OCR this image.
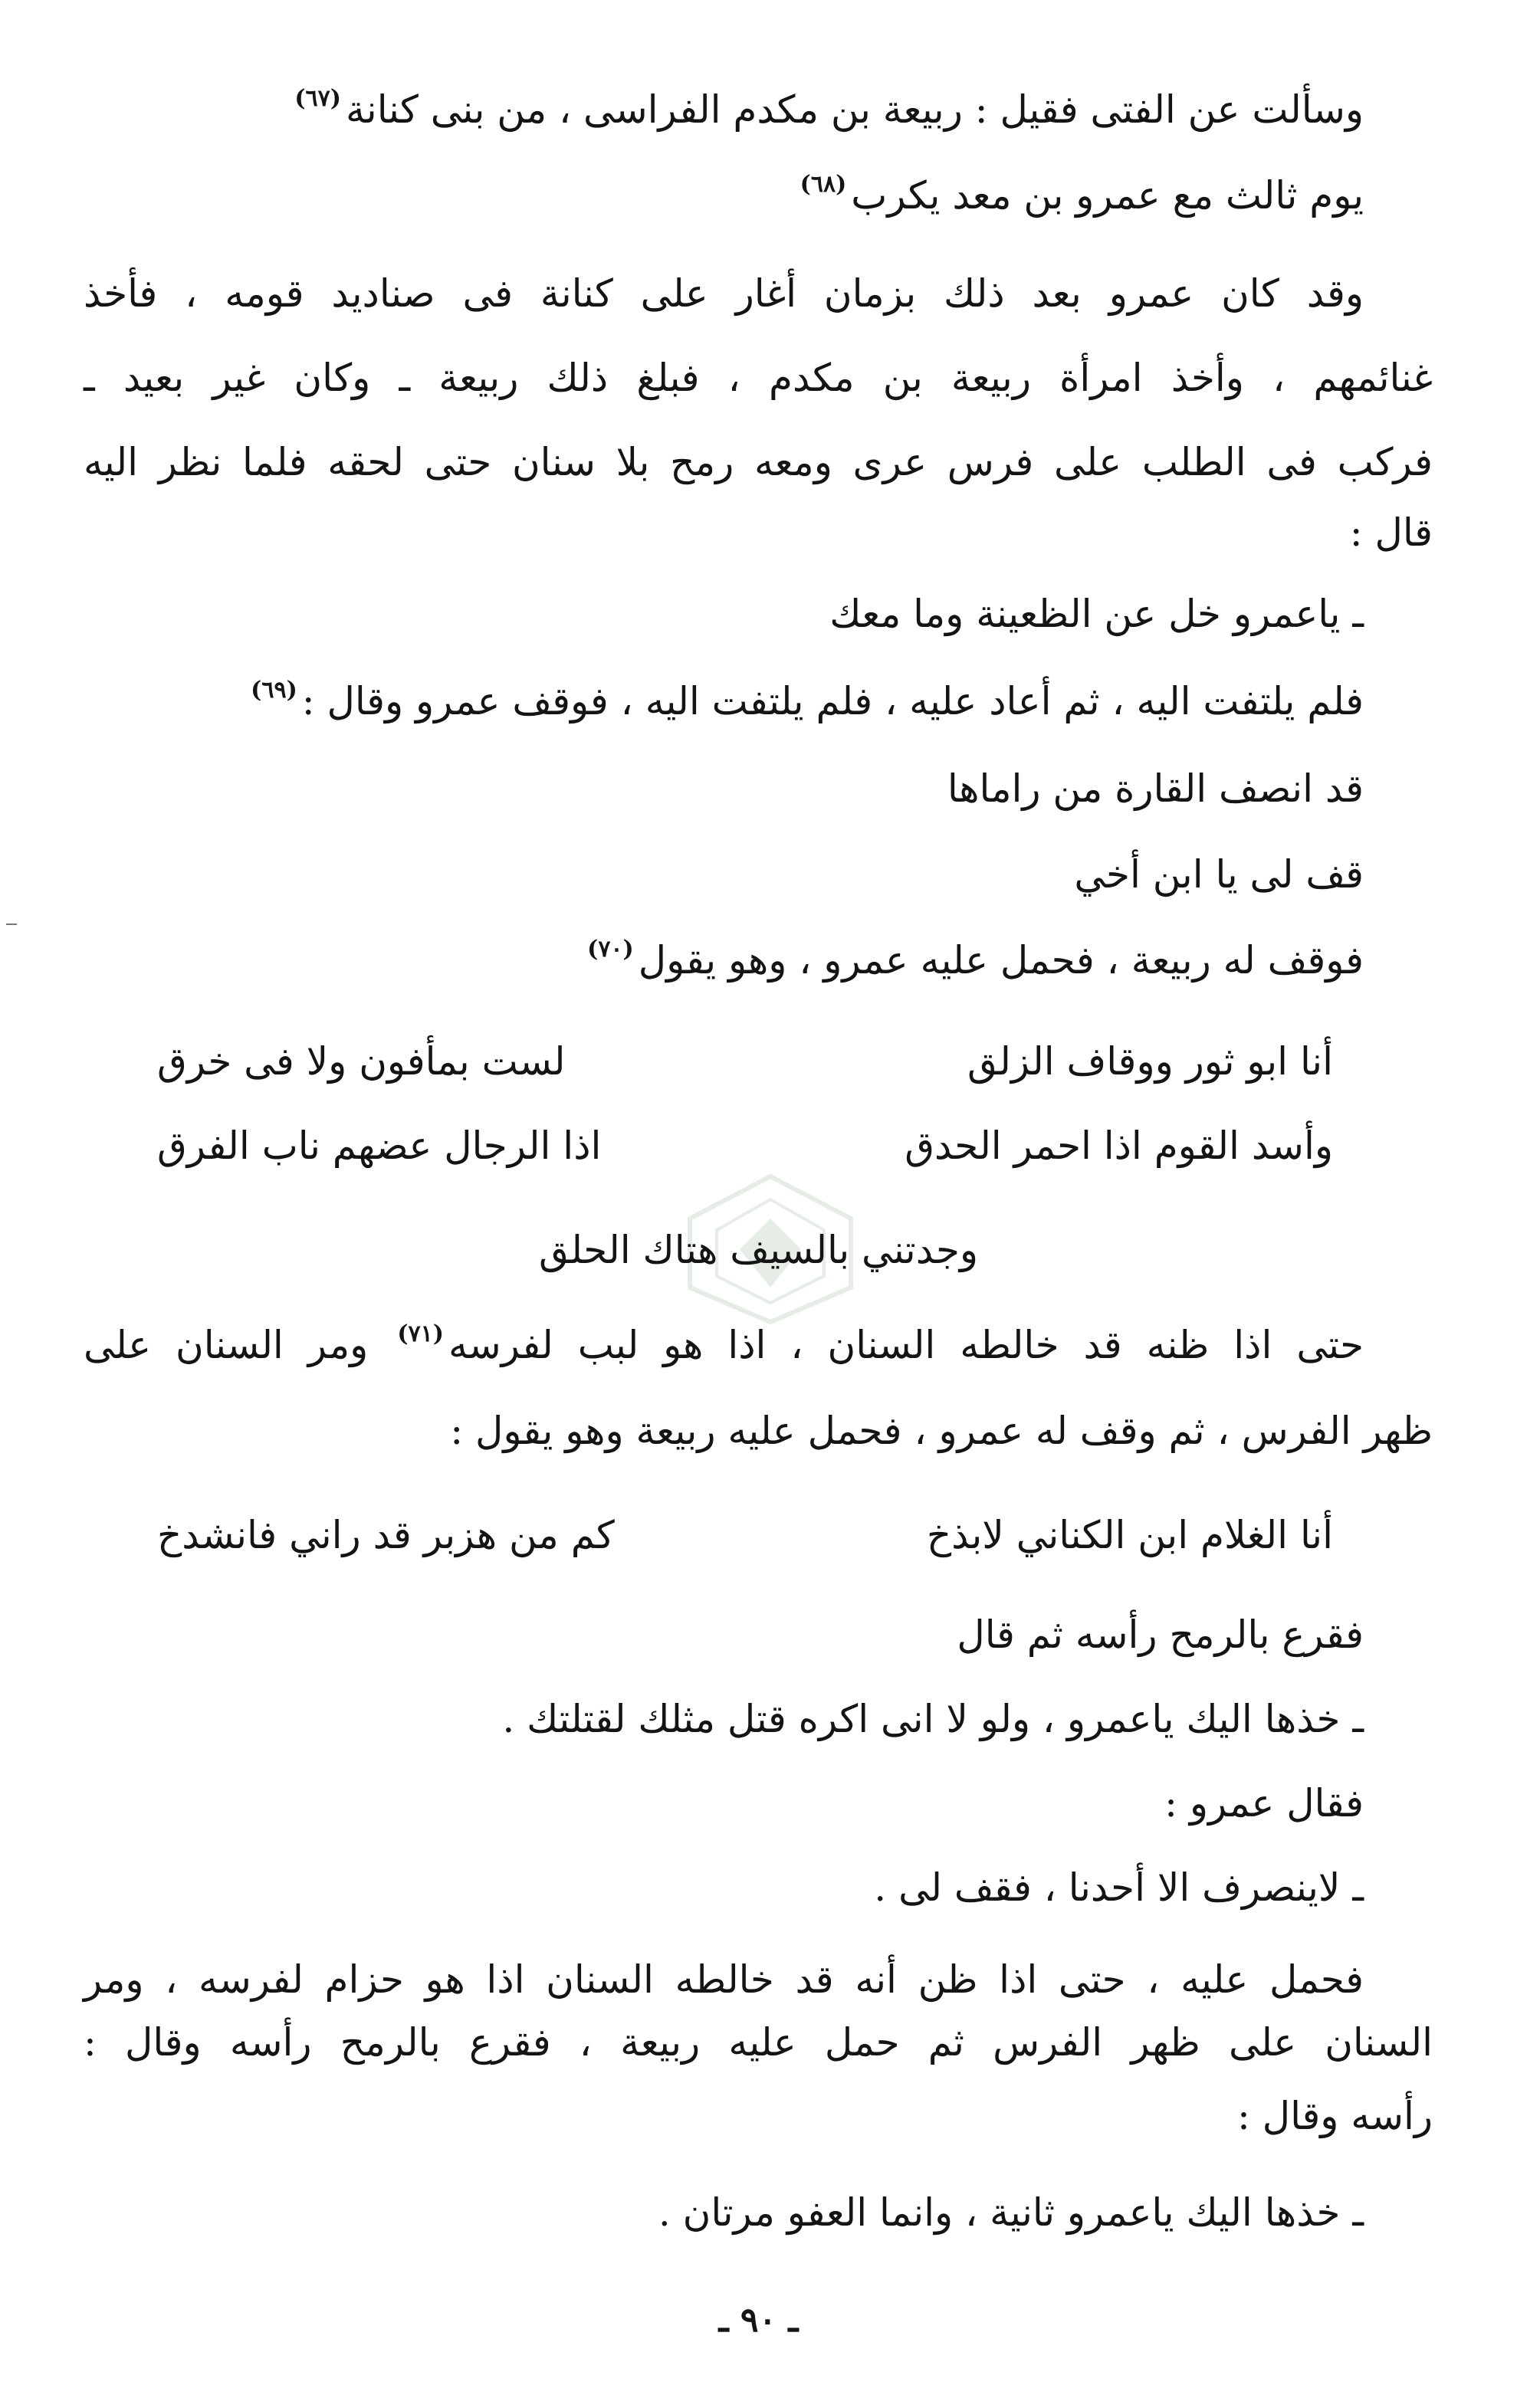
وسألت عن الفتى فقيل : ربيعة بن مكدم الفراسى ، من بنى كنانة$^{(٦٧)}$
يوم ثالث مع عمرو بن معد يكرب$^{(٦٨)}$
وقد كان عمرو بعد ذلك بزمان أغار على كنانة فى صناديد قومه ، فأخذ
غنائمهم ، وأخذ امرأة ربيعة بن مكدم ، فبلغ ذلك ربيعة ـ وكان غير بعيد ـ
فركب فى الطلب على فرس عرى ومعه رمح بلا سنان حتى لحقه فلما نظر اليه
قال :
ـ ياعمرو خل عن الظعينة وما معك
فلم يلتفت اليه ، ثم أعاد عليه ، فلم يلتفت اليه ، فوقف عمرو وقال :$^{(٦٩)}$
قد انصف القارة من راماها
قف لى يا ابن أخي
فوقف له ربيعة ، فحمل عليه عمرو ، وهو يقول$^{(٧٠)}$
أنا ابو ثور ووقاف الزلق
لست بمأفون ولا فى خرق
وأسد القوم اذا احمر الحدق
اذا الرجال عضهم ناب الفرق
وجدتني بالسيف هتاك الحلق
حتى اذا ظنه قد خالطه السنان ، اذا هو لبب لفرسه$^{(٧١)}$ ومر السنان على
ظهر الفرس ، ثم وقف له عمرو ، فحمل عليه ربيعة وهو يقول :
أنا الغلام ابن الكناني لابذخ
كم من هزبر قد راني فانشدخ
فقرع بالرمح رأسه ثم قال
ـ خذها اليك ياعمرو ، ولو لا انى اكره قتل مثلك لقتلتك .
فقال عمرو :
ـ لاينصرف الا أحدنا ، فقف لى .
فحمل عليه ، حتى اذا ظن أنه قد خالطه السنان اذا هو حزام لفرسه ، ومر
السنان على ظهر الفرس ثم حمل عليه ربيعة ، فقرع بالرمح رأسه وقال :
رأسه وقال :
ـ خذها اليك ياعمرو ثانية ، وانما العفو مرتان .
ـ ٩٠ ـ
